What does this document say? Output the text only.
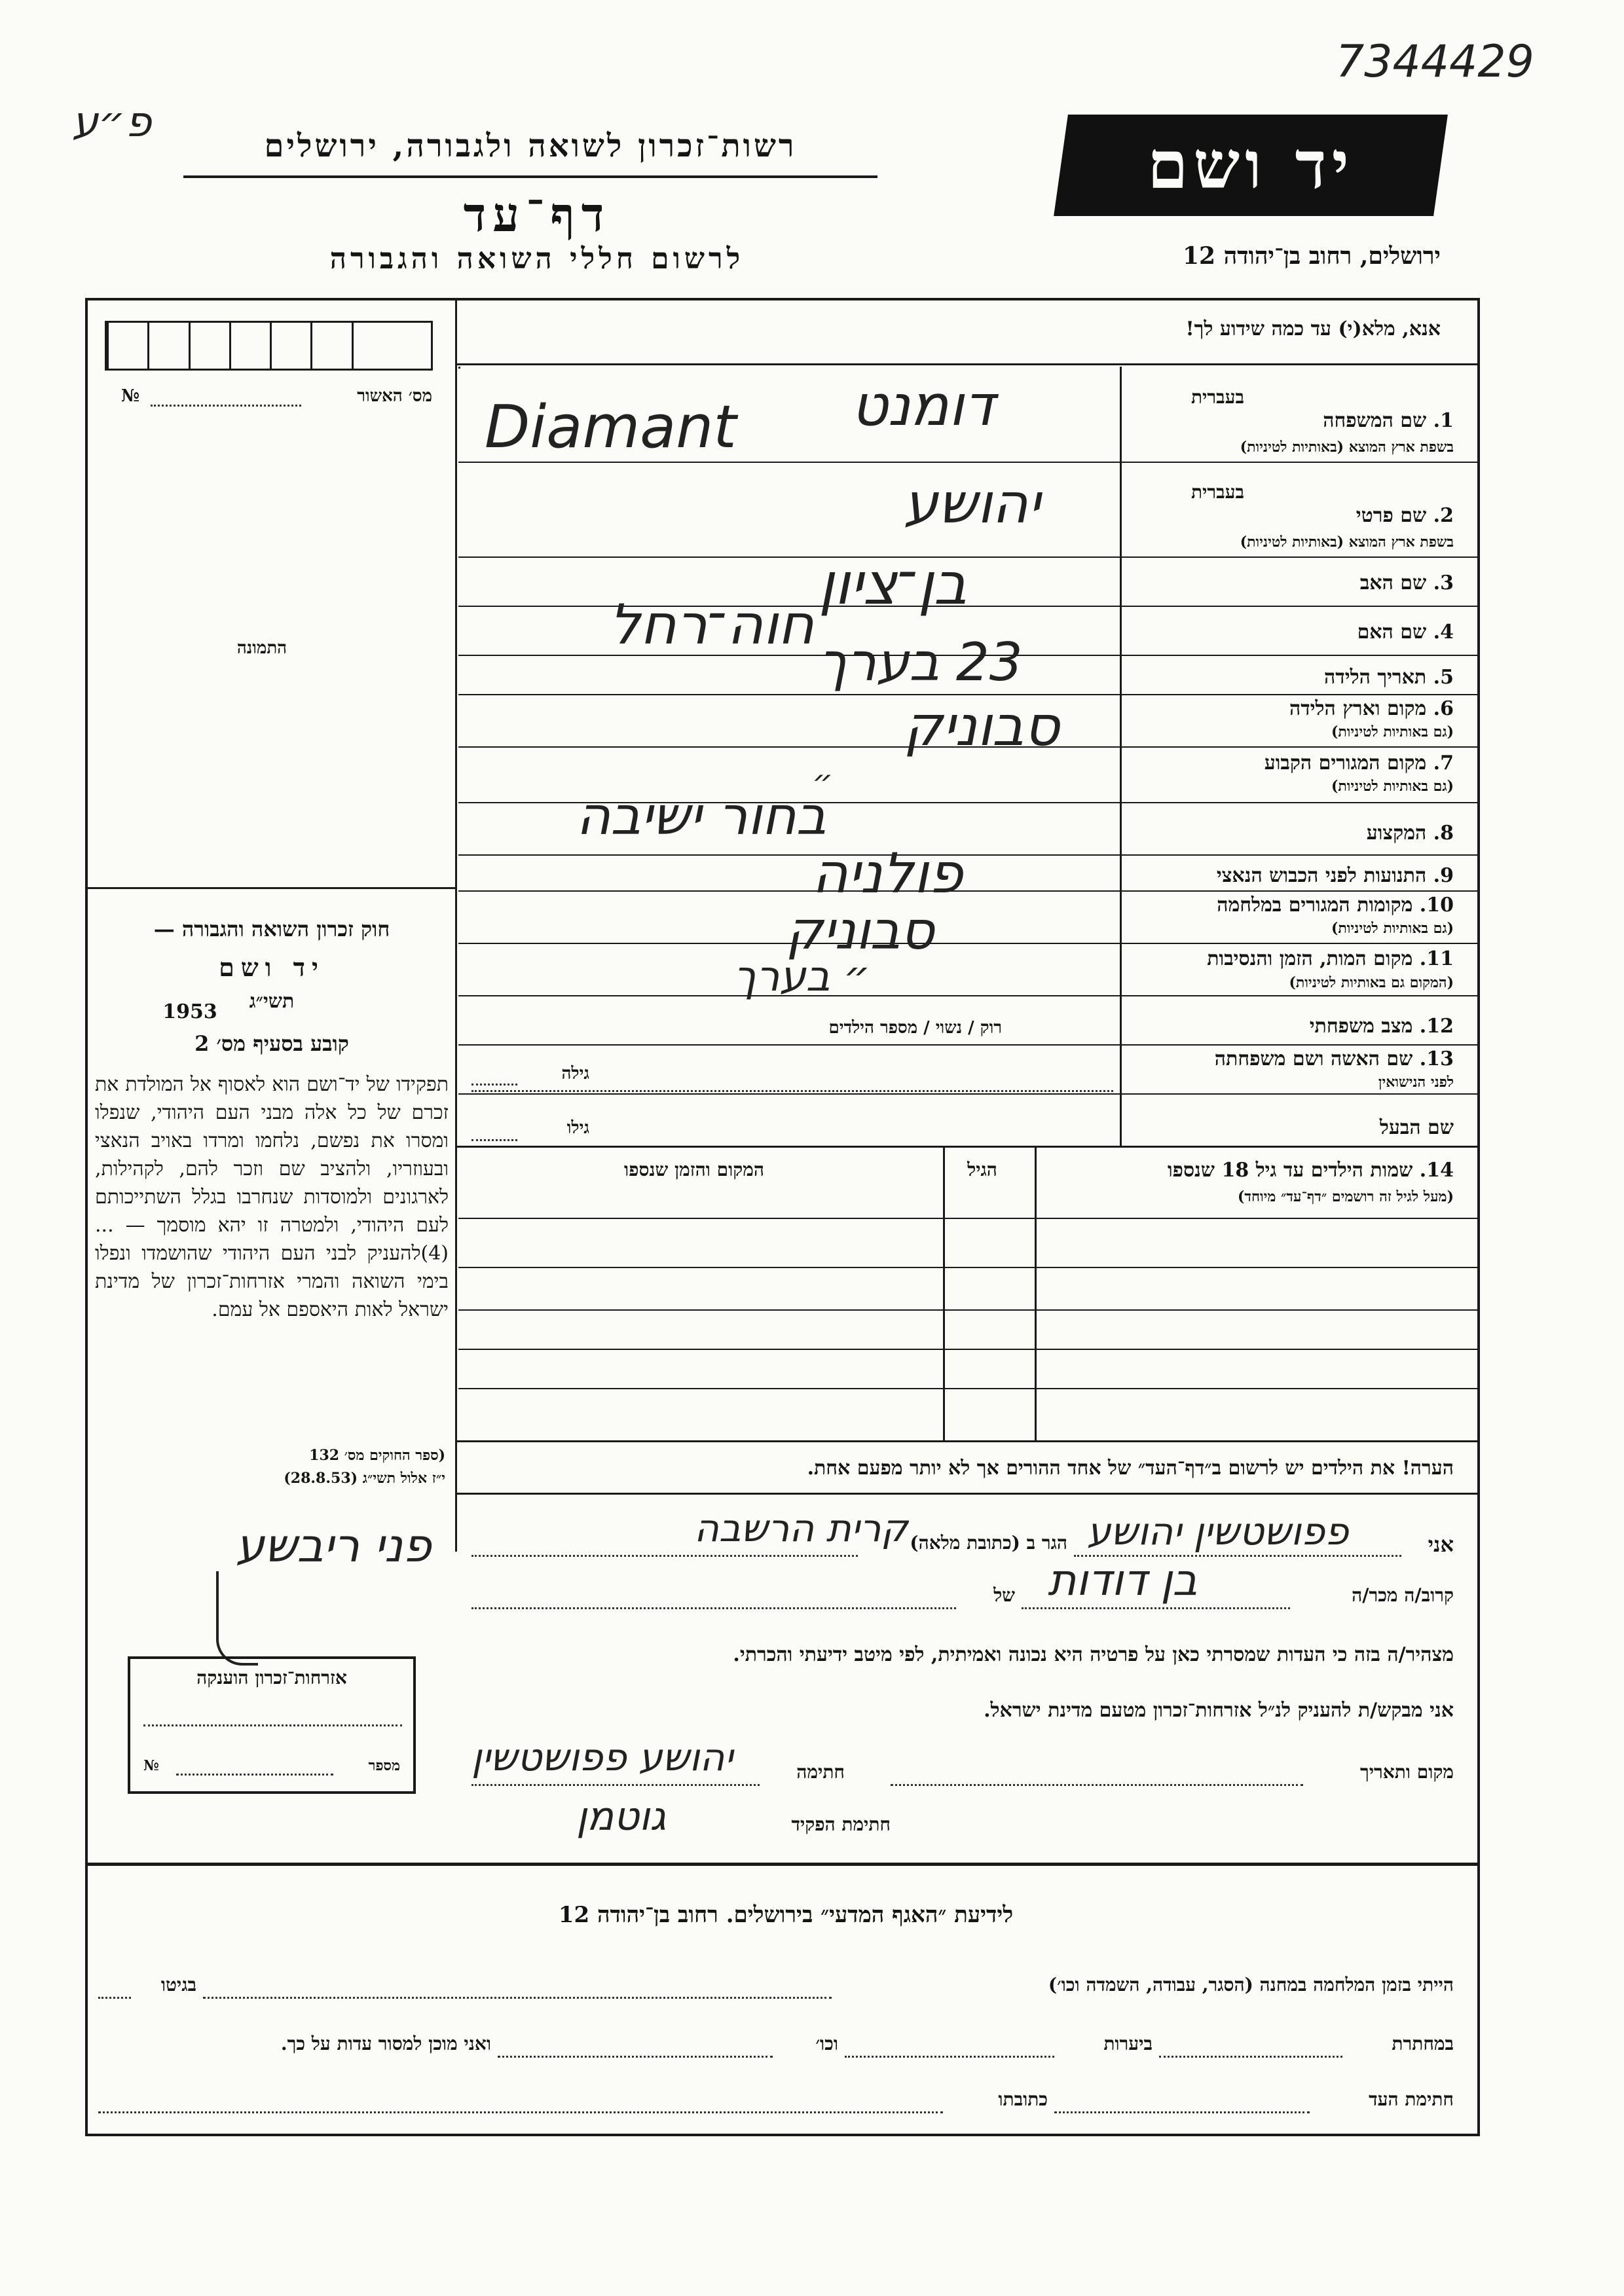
פ״ע
7344429
רשות־זכרון לשואה ולגבורה, ירושלים
דף־עד
לרשום חללי השואה והגבורה
יד ושם
ירושלים, רחוב בן־יהודה 12
מס׳ האשור
№
התמונה
חוק זכרון השואה והגבורה —
יד ושם
תשי״ג
1953
קובע בסעיף מס׳ 2
תפקידו של יד־ושם הוא לאסוף אל המולדת את זכרם של כל אלה מבני העם היהודי, שנפלו ומסרו את נפשם, נלחמו ומרדו באויב הנאצי ובעוזריו, ולהציב שם וזכר להם, לקהילות, לארגונים ולמוסדות שנחרבו בגלל השתייכותם לעם היהודי, ולמטרה זו יהא מוסמך — ...(4)להעניק לבני העם היהודי שהושמדו ונפלו בימי השואה והמרי אזרחות־זכרון של מדינת ישראל לאות היאספם אל עמם.
(ספר החוקים מס׳ 132
י״ז אלול תשי״ג (28.8.53)
אנא, מלא(י) עד כמה שידוע לך!
בעברית
1. שם המשפחה
בשפת ארץ המוצא (באותיות לטיניות)
בעברית
2. שם פרטי
בשפת ארץ המוצא (באותיות לטיניות)
3. שם האב
4. שם האם
5. תאריך הלידה
6. מקום וארץ הלידה
(גם באותיות לטיניות)
7. מקום המגורים הקבוע
(גם באותיות לטיניות)
8. המקצוע
9. התנועות לפני הכבוש הנאצי
10. מקומות המגורים במלחמה
(גם באותיות לטיניות)
11. מקום המות, הזמן והנסיבות
(המקום גם באותיות לטיניות)
12. מצב משפחתי
13. שם האשה ושם משפחתה
לפני הנישואין
שם הבעל
רוק / נשוי / מספר הילדים
גילה
גילו
דומנט
Diamant
יהושע
בן־ציון
חוה־רחל
23 בערך
סבוניק
״
בחור ישיבה
פולניה
סבוניק
״ בערך
14. שמות הילדים עד גיל 18 שנספו
(מעל לגיל זה רושמים ״דף־עד״ מיוחד)
הגיל
המקום והזמן שנספו
הערה! את הילדים יש לרשום ב״דף־העד״ של אחד ההורים אך לא יותר מפעם אחת.
אני
פפושטשין יהושע
הגר ב (כתובת מלאה)
קרית הרשבה
פני ריבשע
קרוב/ה מכר/ה
בן דודות
של
מצהיר/ה בזה כי העדות שמסרתי כאן על פרטיה היא נכונה ואמיתית, לפי מיטב ידיעתי והכרתי.
אני מבקש/ת להעניק לנ״ל אזרחות־זכרון מטעם מדינת ישראל.
מקום ותאריך
חתימה
יהושע פפושטשין
חתימת הפקיד
גוטמן
אזרחות־זכרון הוענקה
מספר
№
לידיעת ״האגף המדעי״ בירושלים. רחוב בן־יהודה 12
הייתי בזמן המלחמה במחנה (הסגר, עבודה, השמדה וכו׳)
בגיטו
במחתרת
ביערות
וכו׳
ואני מוכן למסור עדות על כך.
חתימת העד
כתובתו
